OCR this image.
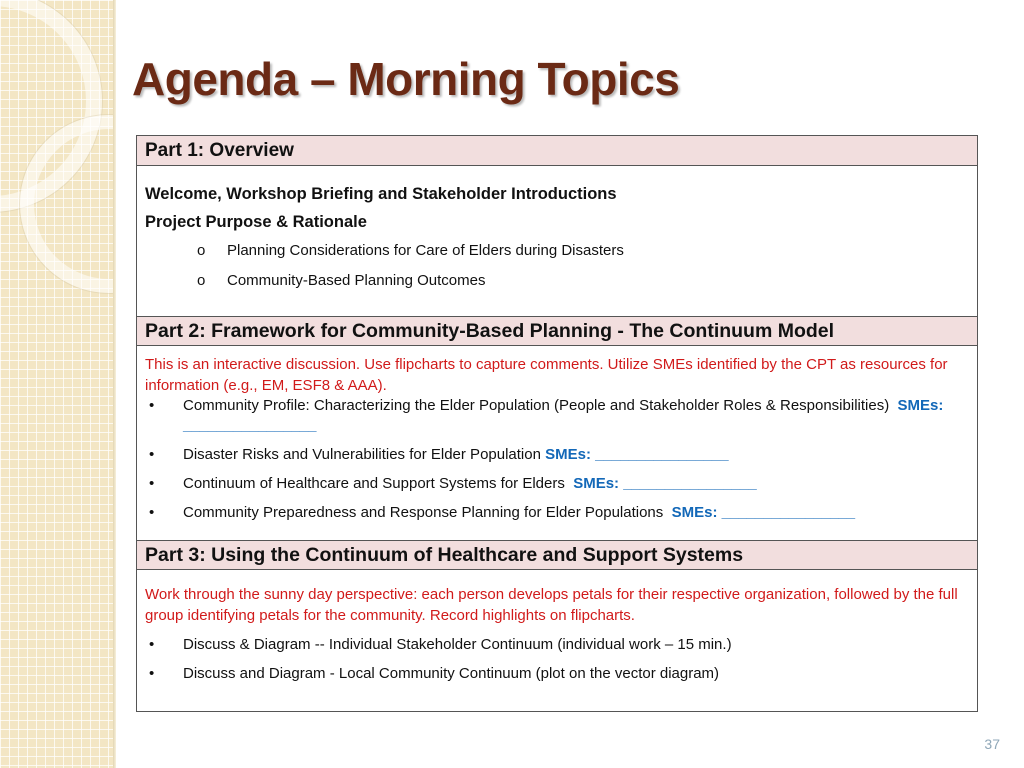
Agenda – Morning Topics
Part 1: Overview
Welcome, Workshop Briefing and Stakeholder Introductions
Project Purpose & Rationale
o Planning Considerations for Care of Elders during Disasters
o Community-Based Planning Outcomes
Part 2: Framework for Community-Based Planning - The Continuum Model
This is an interactive discussion. Use flipcharts to capture comments. Utilize SMEs identified by the CPT as resources for information (e.g., EM, ESF8 & AAA).
• Community Profile: Characterizing the Elder Population (People and Stakeholder Roles & Responsibilities) SMEs: ________________
• Disaster Risks and Vulnerabilities for Elder Population SMEs: ________________
• Continuum of Healthcare and Support Systems for Elders SMEs: ________________
• Community Preparedness and Response Planning for Elder Populations SMEs: ________________
Part 3: Using the Continuum of Healthcare and Support Systems
Work through the sunny day perspective: each person develops petals for their respective organization, followed by the full group identifying petals for the community. Record highlights on flipcharts.
• Discuss & Diagram -- Individual Stakeholder Continuum (individual work – 15 min.)
• Discuss and Diagram - Local Community Continuum (plot on the vector diagram)
37
